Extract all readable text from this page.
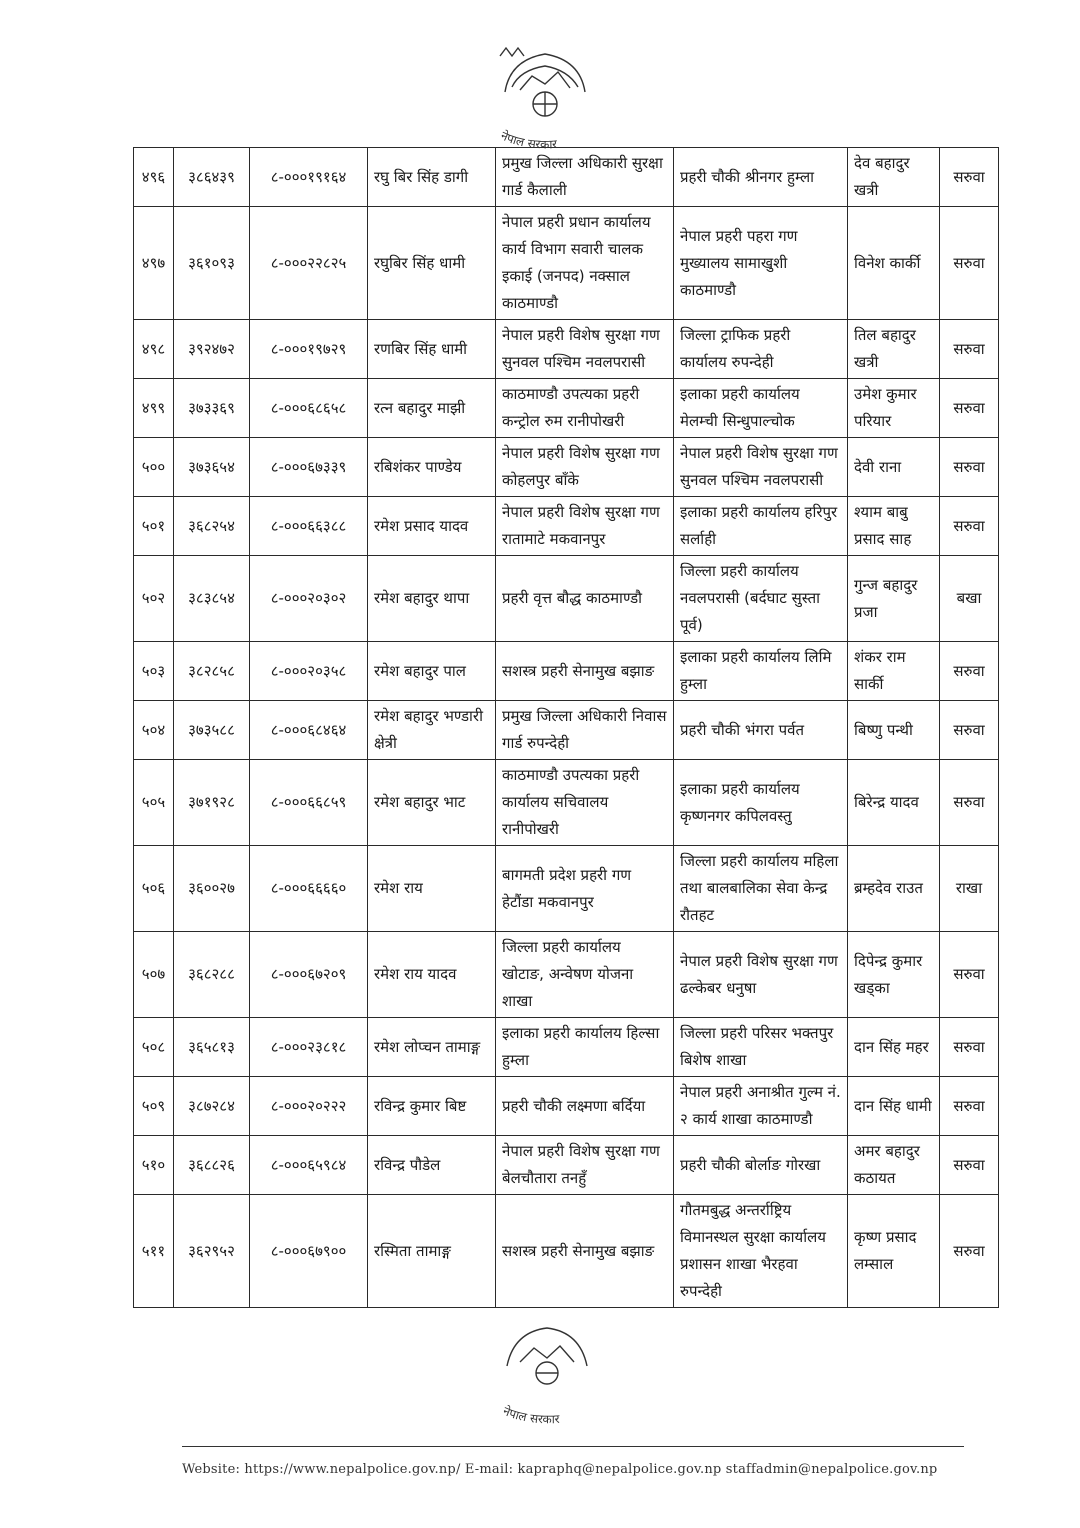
नेपाल सरकार
४९६	३८६४३९	८-०००१९१६४	रघु बिर सिंह डागी	प्रमुख जिल्ला अधिकारी सुरक्षा गार्ड कैलाली	प्रहरी चौकी श्रीनगर हुम्ला	देव बहादुर खत्री	सरुवा
४९७	३६१०९३	८-०००२२८२५	रघुबिर सिंह धामी	नेपाल प्रहरी प्रधान कार्यालय कार्य विभाग सवारी चालक इकाई (जनपद) नक्साल काठमाण्डौ	नेपाल प्रहरी पहरा गण मुख्यालय सामाखुशी काठमाण्डौ	विनेश कार्की	सरुवा
४९८	३९२४७२	८-०००१९७२९	रणबिर सिंह धामी	नेपाल प्रहरी विशेष सुरक्षा गण सुनवल पश्चिम नवलपरासी	जिल्ला ट्राफिक प्रहरी कार्यालय रुपन्देही	तिल बहादुर खत्री	सरुवा
४९९	३७३३६९	८-०००६८६५८	रत्न बहादुर माझी	काठमाण्डौ उपत्यका प्रहरी कन्ट्रोल रुम रानीपोखरी	इलाका प्रहरी कार्यालय मेलम्ची सिन्धुपाल्चोक	उमेश कुमार परियार	सरुवा
५००	३७३६५४	८-०००६७३३९	रबिशंकर पाण्डेय	नेपाल प्रहरी विशेष सुरक्षा गण कोहलपुर बाँके	नेपाल प्रहरी विशेष सुरक्षा गण सुनवल पश्चिम नवलपरासी	देवी राना	सरुवा
५०१	३६८२५४	८-०००६६३८८	रमेश प्रसाद यादव	नेपाल प्रहरी विशेष सुरक्षा गण रातामाटे मकवानपुर	इलाका प्रहरी कार्यालय हरिपुर सर्लाही	श्याम बाबु प्रसाद साह	सरुवा
५०२	३८३८५४	८-०००२०३०२	रमेश बहादुर थापा	प्रहरी वृत्त बौद्ध काठमाण्डौ	जिल्ला प्रहरी कार्यालय नवलपरासी (बर्दघाट सुस्ता पूर्व)	गुन्ज बहादुर प्रजा	बखा
५०३	३८२८५८	८-०००२०३५८	रमेश बहादुर पाल	सशस्त्र प्रहरी सेनामुख बझाङ	इलाका प्रहरी कार्यालय लिमि हुम्ला	शंकर राम सार्की	सरुवा
५०४	३७३५८८	८-०००६८४६४	रमेश बहादुर भण्डारी क्षेत्री	प्रमुख जिल्ला अधिकारी निवास गार्ड रुपन्देही	प्रहरी चौकी भंगरा पर्वत	बिष्णु पन्थी	सरुवा
५०५	३७१९२८	८-०००६६८५९	रमेश बहादुर भाट	काठमाण्डौ उपत्यका प्रहरी कार्यालय सचिवालय रानीपोखरी	इलाका प्रहरी कार्यालय कृष्णनगर कपिलवस्तु	बिरेन्द्र यादव	सरुवा
५०६	३६००२७	८-०००६६६६०	रमेश राय	बागमती प्रदेश प्रहरी गण हेटौंडा मकवानपुर	जिल्ला प्रहरी कार्यालय महिला तथा बालबालिका सेवा केन्द्र रौतहट	ब्रम्हदेव राउत	राखा
५०७	३६८२८८	८-०००६७२०९	रमेश राय यादव	जिल्ला प्रहरी कार्यालय खोटाङ, अन्वेषण योजना शाखा	नेपाल प्रहरी विशेष सुरक्षा गण ढल्केबर धनुषा	दिपेन्द्र कुमार खड्का	सरुवा
५०८	३६५८१३	८-०००२३८१८	रमेश लोप्चन तामाङ्ग	इलाका प्रहरी कार्यालय हिल्सा हुम्ला	जिल्ला प्रहरी परिसर भक्तपुर बिशेष शाखा	दान सिंह महर	सरुवा
५०९	३८७२८४	८-०००२०२२२	रविन्द्र कुमार बिष्ट	प्रहरी चौकी लक्ष्मणा बर्दिया	नेपाल प्रहरी अनाश्रीत गुल्म नं. २ कार्य शाखा काठमाण्डौ	दान सिंह धामी	सरुवा
५१०	३६८८२६	८-०००६५९८४	रविन्द्र पौडेल	नेपाल प्रहरी विशेष सुरक्षा गण बेलचौतारा तनहुँ	प्रहरी चौकी बोर्लाङ गोरखा	अमर बहादुर कठायत	सरुवा
५११	३६२९५२	८-०००६७९००	रस्मिता तामाङ्ग	सशस्त्र प्रहरी सेनामुख बझाङ	गौतमबुद्ध अन्तर्राष्ट्रिय विमानस्थल सुरक्षा कार्यालय प्रशासन शाखा भैरहवा रुपन्देही	कृष्ण प्रसाद लम्साल	सरुवा
नेपाल सरकार
Website: https://www.nepalpolice.gov.np/ E-mail: kapraphq@nepalpolice.gov.np staffadmin@nepalpolice.gov.np
